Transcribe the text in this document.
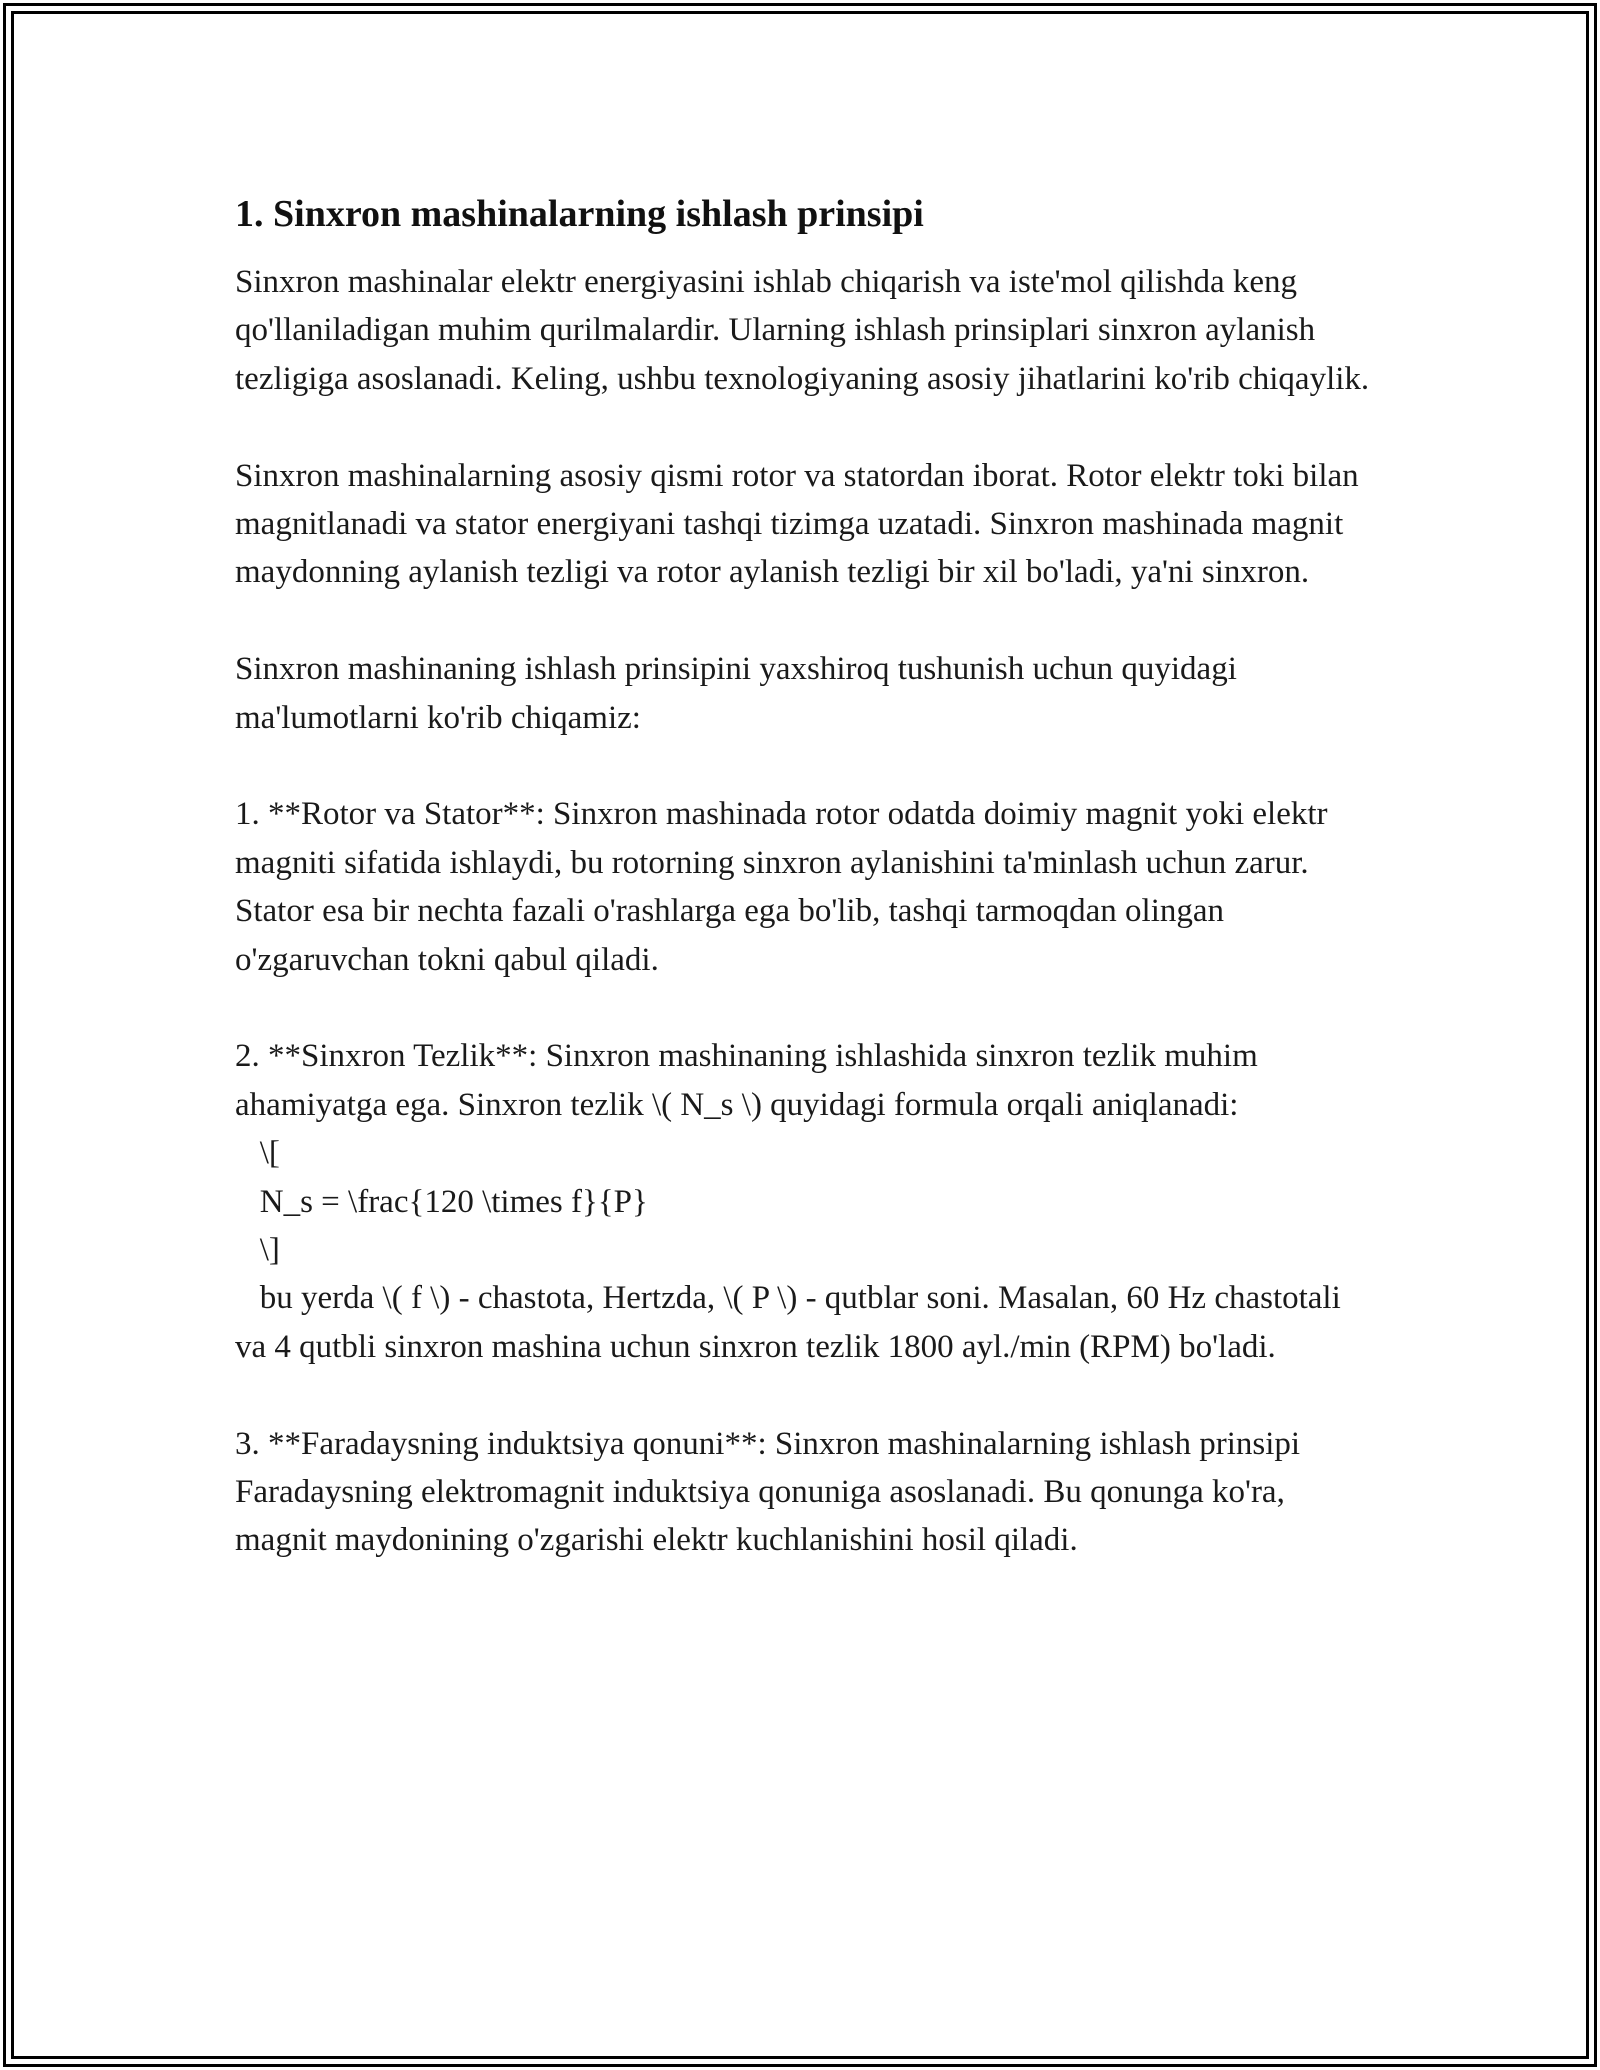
1. Sinxron mashinalarning ishlash prinsipi

Sinxron mashinalar elektr energiyasini ishlab chiqarish va iste'mol qilishda keng qo'llaniladigan muhim qurilmalardir. Ularning ishlash prinsiplari sinxron aylanish tezligiga asoslanadi. Keling, ushbu texnologiyaning asosiy jihatlarini ko'rib chiqaylik.

Sinxron mashinalarning asosiy qismi rotor va statordan iborat. Rotor elektr toki bilan magnitlanadi va stator energiyani tashqi tizimga uzatadi. Sinxron mashinada magnit maydonning aylanish tezligi va rotor aylanish tezligi bir xil bo'ladi, ya'ni sinxron.

Sinxron mashinaning ishlash prinsipini yaxshiroq tushunish uchun quyidagi ma'lumotlarni ko'rib chiqamiz:

1. **Rotor va Stator**: Sinxron mashinada rotor odatda doimiy magnit yoki elektr magniti sifatida ishlaydi, bu rotorning sinxron aylanishini ta'minlash uchun zarur. Stator esa bir nechta fazali o'rashlarga ega bo'lib, tashqi tarmoqdan olingan o'zgaruvchan tokni qabul qiladi.

2. **Sinxron Tezlik**: Sinxron mashinaning ishlashida sinxron tezlik muhim ahamiyatga ega. Sinxron tezlik \( N_s \) quyidagi formula orqali aniqlanadi:
\[
N_s = \frac{120 \times f}{P}
\]
bu yerda \( f \) - chastota, Hertzda, \( P \) - qutblar soni. Masalan, 60 Hz chastotali va 4 qutbli sinxron mashina uchun sinxron tezlik 1800 ayl./min (RPM) bo'ladi.

3. **Faradaysning induktsiya qonuni**: Sinxron mashinalarning ishlash prinsipi Faradaysning elektromagnit induktsiya qonuniga asoslanadi. Bu qonunga ko'ra, magnit maydonining o'zgarishi elektr kuchlanishini hosil qiladi.
